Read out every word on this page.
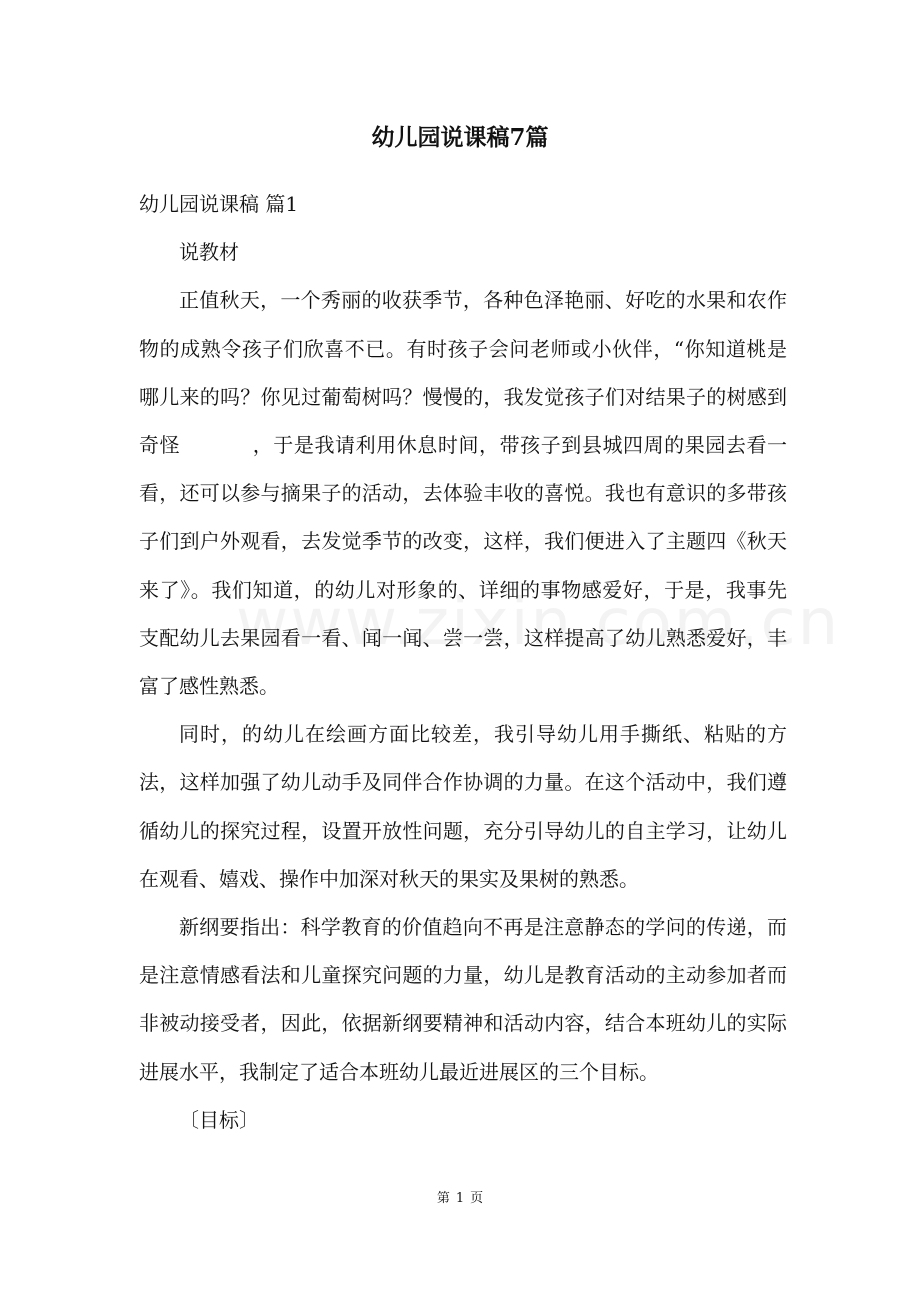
幼儿园说课稿7篇

幼儿园说课稿 篇1

说教材

正值秋天，一个秀丽的收获季节，各种色泽艳丽、好吃的水果和农作物的成熟令孩子们欣喜不已。有时孩子会问老师或小伙伴，“你知道桃是哪儿来的吗？你见过葡萄树吗？慢慢的，我发觉孩子们对结果子的树感到奇怪	，于是我请利用休息时间，带孩子到县城四周的果园去看一看，还可以参与摘果子的活动，去体验丰收的喜悦。我也有意识的多带孩子们到户外观看，去发觉季节的改变，这样，我们便进入了主题四《秋天来了》。我们知道，的幼儿对形象的、详细的事物感爱好，于是，我事先支配幼儿去果园看一看、闻一闻、尝一尝，这样提高了幼儿熟悉爱好，丰富了感性熟悉。

同时，的幼儿在绘画方面比较差，我引导幼儿用手撕纸、粘贴的方法，这样加强了幼儿动手及同伴合作协调的力量。在这个活动中，我们遵循幼儿的探究过程，设置开放性问题，充分引导幼儿的自主学习，让幼儿在观看、嬉戏、操作中加深对秋天的果实及果树的熟悉。

新纲要指出：科学教育的价值趋向不再是注意静态的学问的传递，而是注意情感看法和儿童探究问题的力量，幼儿是教育活动的主动参加者而非被动接受者，因此，依据新纲要精神和活动内容，结合本班幼儿的实际进展水平，我制定了适合本班幼儿最近进展区的三个目标。

〔目标〕

第 1 页
